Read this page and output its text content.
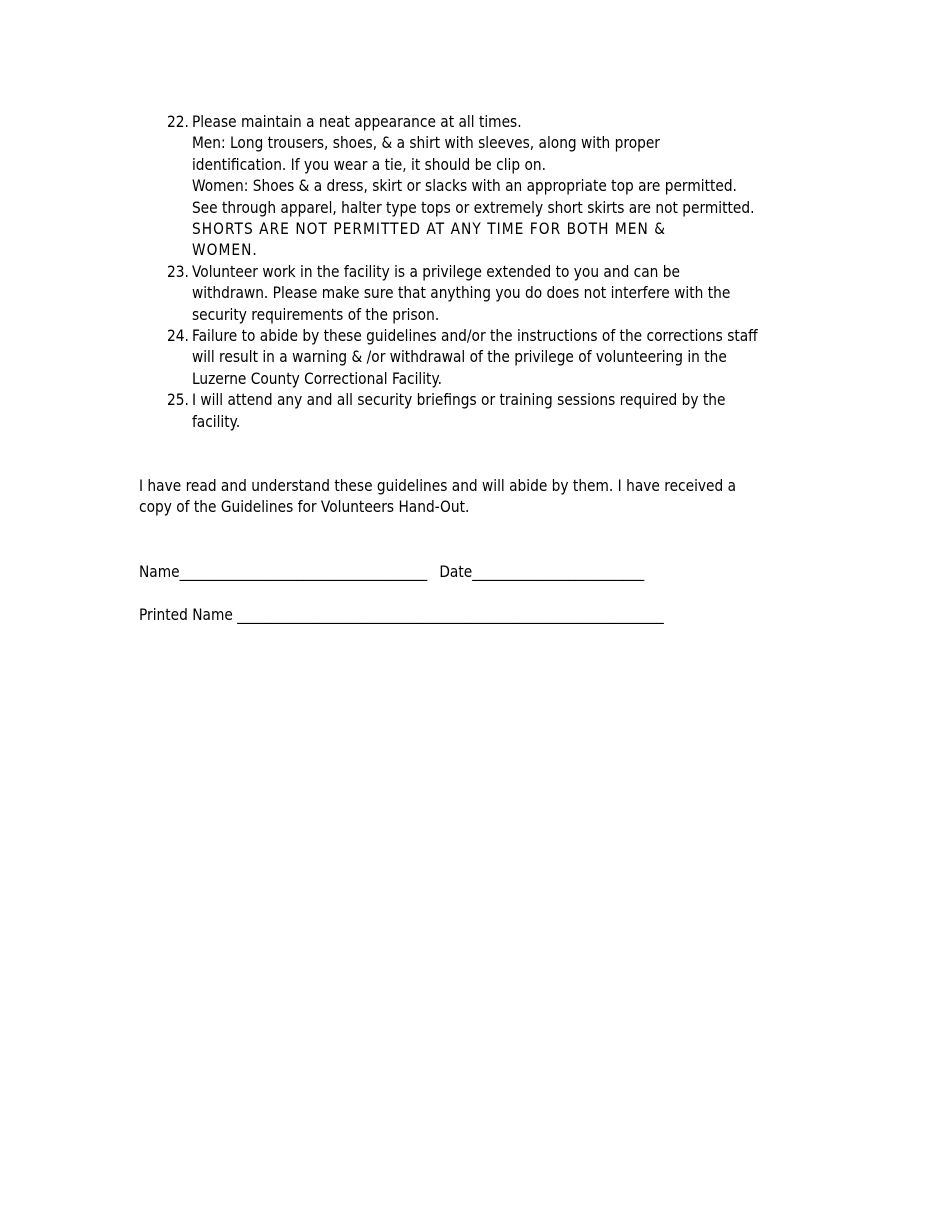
22. Please maintain a neat appearance at all times.
Men: Long trousers, shoes, & a shirt with sleeves, along with proper
identification. If you wear a tie, it should be clip on.
Women: Shoes & a dress, skirt or slacks with an appropriate top are permitted.
See through apparel, halter type tops or extremely short skirts are not permitted.
SHORTS ARE NOT PERMITTED AT ANY TIME FOR BOTH MEN &
WOMEN.
23. Volunteer work in the facility is a privilege extended to you and can be
withdrawn. Please make sure that anything you do does not interfere with the
security requirements of the prison.
24. Failure to abide by these guidelines and/or the instructions of the corrections staff
will result in a warning & /or withdrawal of the privilege of volunteering in the
Luzerne County Correctional Facility.
25. I will attend any and all security briefings or training sessions required by the
facility.
I have read and understand these guidelines and will abide by them. I have received a
copy of the Guidelines for Volunteers Hand-Out.
Name____________________________________ Date_________________________
Printed Name ______________________________________________________________
